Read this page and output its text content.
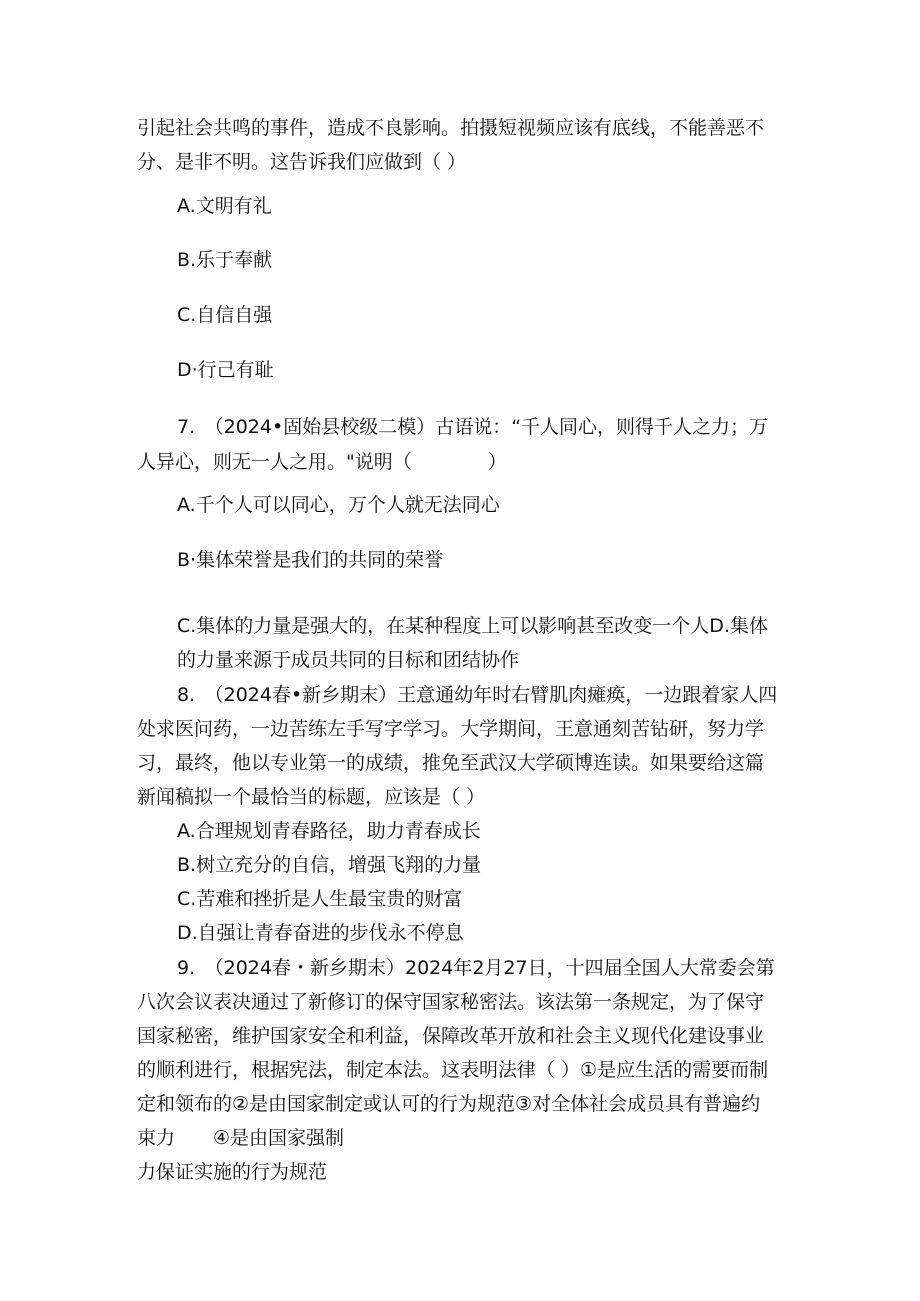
引起社会共鸣的事件，造成不良影响。拍摄短视频应该有底线，不能善恶不
分、是非不明。这告诉我们应做到（ ）
A.文明有礼
B.乐于奉献
C.自信自强
D·行己有耻
7.　（2024•固始县校级二模）古语说：“千人同心，则得千人之力；万
人异心，则无一人之用。"说明（　　　　）
A.千个人可以同心，万个人就无法同心
B·集体荣誉是我们的共同的荣誉
C.集体的力量是强大的，在某种程度上可以影响甚至改变一个人D.集体
的力量来源于成员共同的目标和团结协作
8.　（2024春•新乡期末）王意通幼年时右臂肌肉瘫痪，一边跟着家人四
处求医问药，一边苦练左手写字学习。大学期间，王意通刻苦钻研，努力学
习，最终，他以专业第一的成绩，推免至武汉大学硕博连读。如果要给这篇
新闻稿拟一个最恰当的标题，应该是（ ）
A.合理规划青春路径，助力青春成长
B.树立充分的自信，增强飞翔的力量
C.苦难和挫折是人生最宝贵的财富
D.自强让青春奋进的步伐永不停息
9.　（2024春・新乡期末）2024年2月27日，十四届全国人大常委会第
八次会议表决通过了新修订的保守国家秘密法。该法第一条规定，为了保守
国家秘密，维护国家安全和利益，保障改革开放和社会主义现代化建设事业
的顺利进行，根据宪法，制定本法。这表明法律（ ）①是应生活的需要而制
定和领布的②是由国家制定或认可的行为规范③对全体社会成员具有普遍约
束力　　④是由国家强制
力保证实施的行为规范
